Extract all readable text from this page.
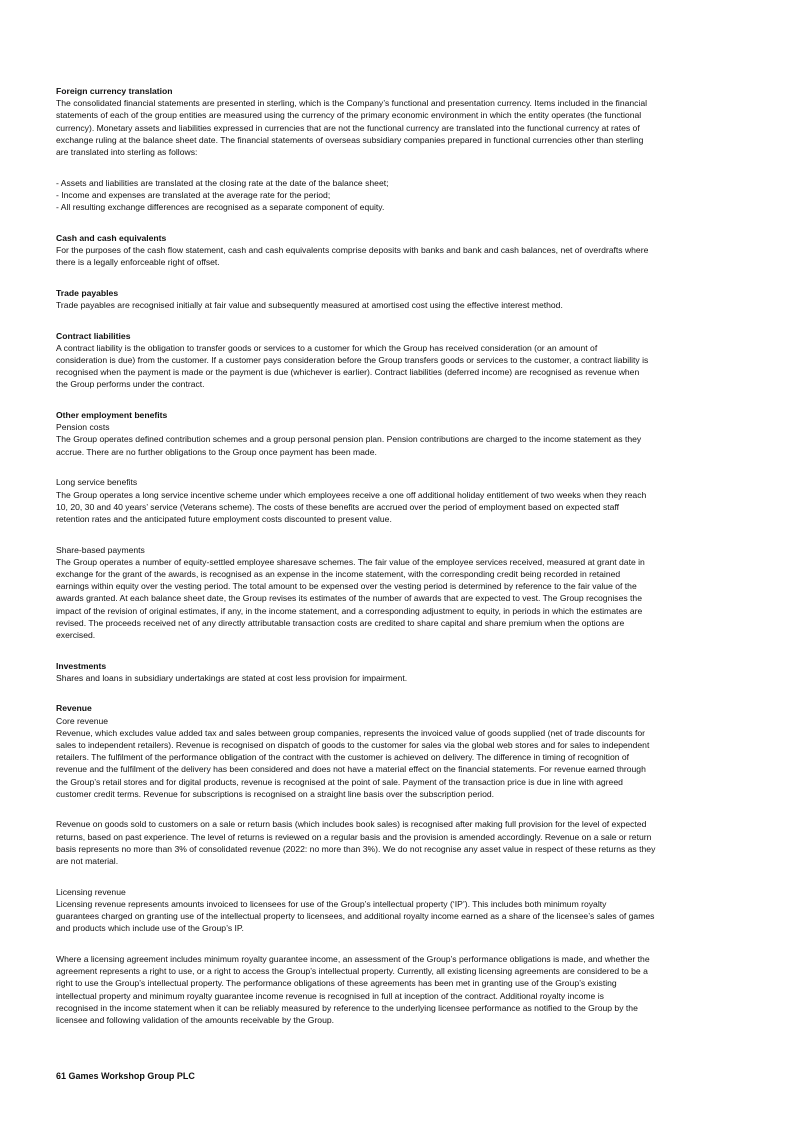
Foreign currency translation
The consolidated financial statements are presented in sterling, which is the Company’s functional and presentation currency. Items included in the financial
statements of each of the group entities are measured using the currency of the primary economic environment in which the entity operates (the functional
currency). Monetary assets and liabilities expressed in currencies that are not the functional currency are translated into the functional currency at rates of
exchange ruling at the balance sheet date. The financial statements of overseas subsidiary companies prepared in functional currencies other than sterling
are translated into sterling as follows:
- Assets and liabilities are translated at the closing rate at the date of the balance sheet;
- Income and expenses are translated at the average rate for the period;
- All resulting exchange differences are recognised as a separate component of equity.
Cash and cash equivalents
For the purposes of the cash flow statement, cash and cash equivalents comprise deposits with banks and bank and cash balances, net of overdrafts where
there is a legally enforceable right of offset.
Trade payables
Trade payables are recognised initially at fair value and subsequently measured at amortised cost using the effective interest method.
Contract liabilities
A contract liability is the obligation to transfer goods or services to a customer for which the Group has received consideration (or an amount of
consideration is due) from the customer. If a customer pays consideration before the Group transfers goods or services to the customer, a contract liability is
recognised when the payment is made or the payment is due (whichever is earlier). Contract liabilities (deferred income) are recognised as revenue when
the Group performs under the contract.
Other employment benefits
Pension costs
The Group operates defined contribution schemes and a group personal pension plan. Pension contributions are charged to the income statement as they
accrue. There are no further obligations to the Group once payment has been made.
Long service benefits
The Group operates a long service incentive scheme under which employees receive a one off additional holiday entitlement of two weeks when they reach
10, 20, 30 and 40 years’ service (Veterans scheme). The costs of these benefits are accrued over the period of employment based on expected staff
retention rates and the anticipated future employment costs discounted to present value.
Share-based payments
The Group operates a number of equity-settled employee sharesave schemes. The fair value of the employee services received, measured at grant date in
exchange for the grant of the awards, is recognised as an expense in the income statement, with the corresponding credit being recorded in retained
earnings within equity over the vesting period. The total amount to be expensed over the vesting period is determined by reference to the fair value of the
awards granted. At each balance sheet date, the Group revises its estimates of the number of awards that are expected to vest. The Group recognises the
impact of the revision of original estimates, if any, in the income statement, and a corresponding adjustment to equity, in periods in which the estimates are
revised. The proceeds received net of any directly attributable transaction costs are credited to share capital and share premium when the options are
exercised.
Investments
Shares and loans in subsidiary undertakings are stated at cost less provision for impairment.
Revenue
Core revenue
Revenue, which excludes value added tax and sales between group companies, represents the invoiced value of goods supplied (net of trade discounts for
sales to independent retailers). Revenue is recognised on dispatch of goods to the customer for sales via the global web stores and for sales to independent
retailers. The fulfilment of the performance obligation of the contract with the customer is achieved on delivery. The difference in timing of recognition of
revenue and the fulfilment of the delivery has been considered and does not have a material effect on the financial statements. For revenue earned through
the Group’s retail stores and for digital products, revenue is recognised at the point of sale. Payment of the transaction price is due in line with agreed
customer credit terms. Revenue for subscriptions is recognised on a straight line basis over the subscription period.
Revenue on goods sold to customers on a sale or return basis (which includes book sales) is recognised after making full provision for the level of expected
returns, based on past experience. The level of returns is reviewed on a regular basis and the provision is amended accordingly. Revenue on a sale or return
basis represents no more than 3% of consolidated revenue (2022: no more than 3%). We do not recognise any asset value in respect of these returns as they
are not material.
Licensing revenue
Licensing revenue represents amounts invoiced to licensees for use of the Group’s intellectual property (‘IP’). This includes both minimum royalty
guarantees charged on granting use of the intellectual property to licensees, and additional royalty income earned as a share of the licensee’s sales of games
and products which include use of the Group’s IP.
Where a licensing agreement includes minimum royalty guarantee income, an assessment of the Group’s performance obligations is made, and whether the
agreement represents a right to use, or a right to access the Group’s intellectual property. Currently, all existing licensing agreements are considered to be a
right to use the Group’s intellectual property. The performance obligations of these agreements has been met in granting use of the Group’s existing
intellectual property and minimum royalty guarantee income revenue is recognised in full at inception of the contract. Additional royalty income is
recognised in the income statement when it can be reliably measured by reference to the underlying licensee performance as notified to the Group by the
licensee and following validation of the amounts receivable by the Group.
61 Games Workshop Group PLC
